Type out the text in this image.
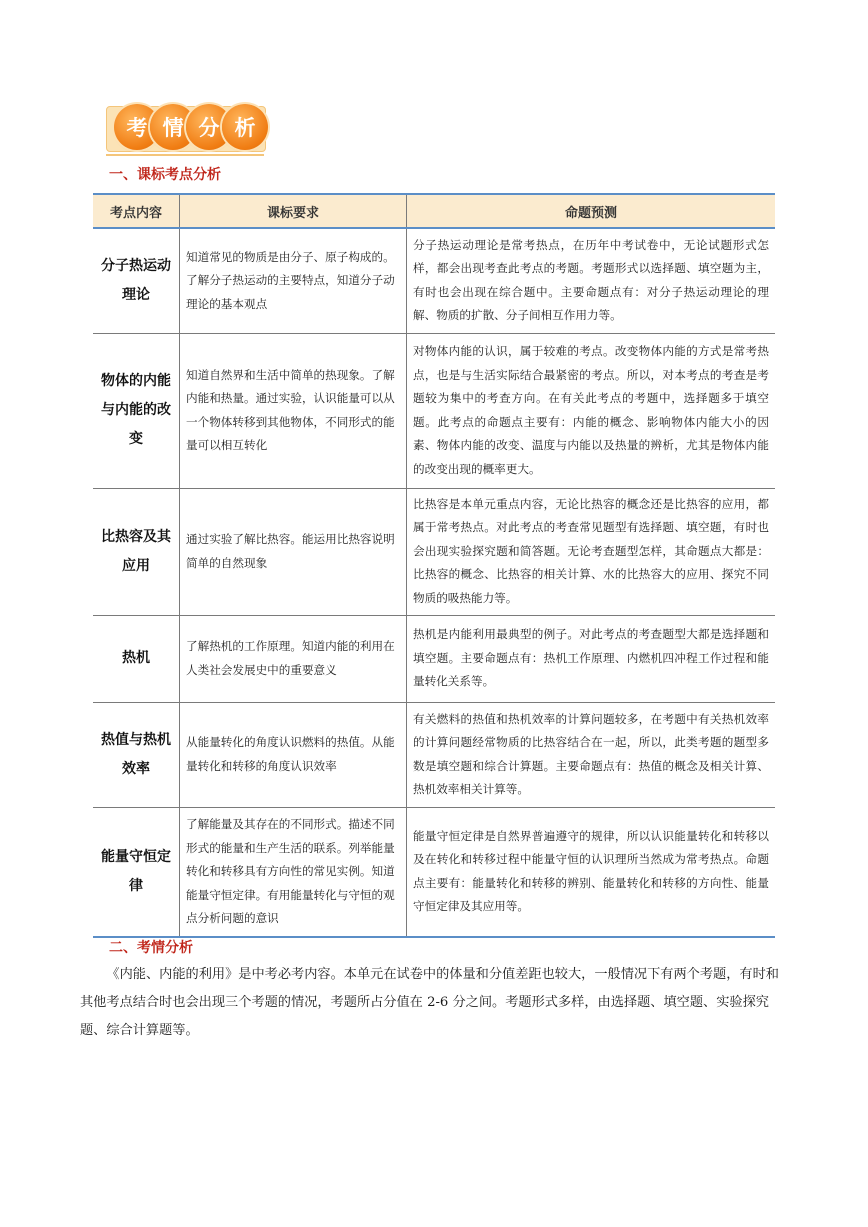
考 情 分 析
一、课标考点分析
考点内容	课标要求	命题预测

分子热运动理论	知道常见的物质是由分子、原子构成的。了解分子热运动的主要特点，知道分子动理论的基本观点	分子热运动理论是常考热点，在历年中考试卷中，无论试题形式怎样，都会出现考查此考点的考题。考题形式以选择题、填空题为主，有时也会出现在综合题中。主要命题点有：对分子热运动理论的理解、物质的扩散、分子间相互作用力等。

物体的内能与内能的改变	知道自然界和生活中简单的热现象。了解内能和热量。通过实验，认识能量可以从一个物体转移到其他物体，不同形式的能量可以相互转化	对物体内能的认识，属于较难的考点。改变物体内能的方式是常考热点，也是与生活实际结合最紧密的考点。所以，对本考点的考查是考题较为集中的考查方向。在有关此考点的考题中，选择题多于填空题。此考点的命题点主要有：内能的概念、影响物体内能大小的因素、物体内能的改变、温度与内能以及热量的辨析，尤其是物体内能的改变出现的概率更大。

比热容及其应用	通过实验了解比热容。能运用比热容说明简单的自然现象	比热容是本单元重点内容，无论比热容的概念还是比热容的应用，都属于常考热点。对此考点的考查常见题型有选择题、填空题，有时也会出现实验探究题和简答题。无论考查题型怎样，其命题点大都是：比热容的概念、比热容的相关计算、水的比热容大的应用、探究不同物质的吸热能力等。

热机	了解热机的工作原理。知道内能的利用在人类社会发展史中的重要意义	热机是内能利用最典型的例子。对此考点的考查题型大都是选择题和填空题。主要命题点有：热机工作原理、内燃机四冲程工作过程和能量转化关系等。

热值与热机效率	从能量转化的角度认识燃料的热值。从能量转化和转移的角度认识效率	有关燃料的热值和热机效率的计算问题较多，在考题中有关热机效率的计算问题经常物质的比热容结合在一起，所以，此类考题的题型多数是填空题和综合计算题。主要命题点有：热值的概念及相关计算、热机效率相关计算等。

能量守恒定律	了解能量及其存在的不同形式。描述不同形式的能量和生产生活的联系。列举能量转化和转移具有方向性的常见实例。知道能量守恒定律。有用能量转化与守恒的观点分析问题的意识	能量守恒定律是自然界普遍遵守的规律，所以认识能量转化和转移以及在转化和转移过程中能量守恒的认识理所当然成为常考热点。命题点主要有：能量转化和转移的辨别、能量转化和转移的方向性、能量守恒定律及其应用等。
二、考情分析

《内能、内能的利用》是中考必考内容。本单元在试卷中的体量和分值差距也较大，一般情况下有两个考题，有时和其他考点结合时也会出现三个考题的情况，考题所占分值在 2-6 分之间。考题形式多样，由选择题、填空题、实验探究题、综合计算题等。
